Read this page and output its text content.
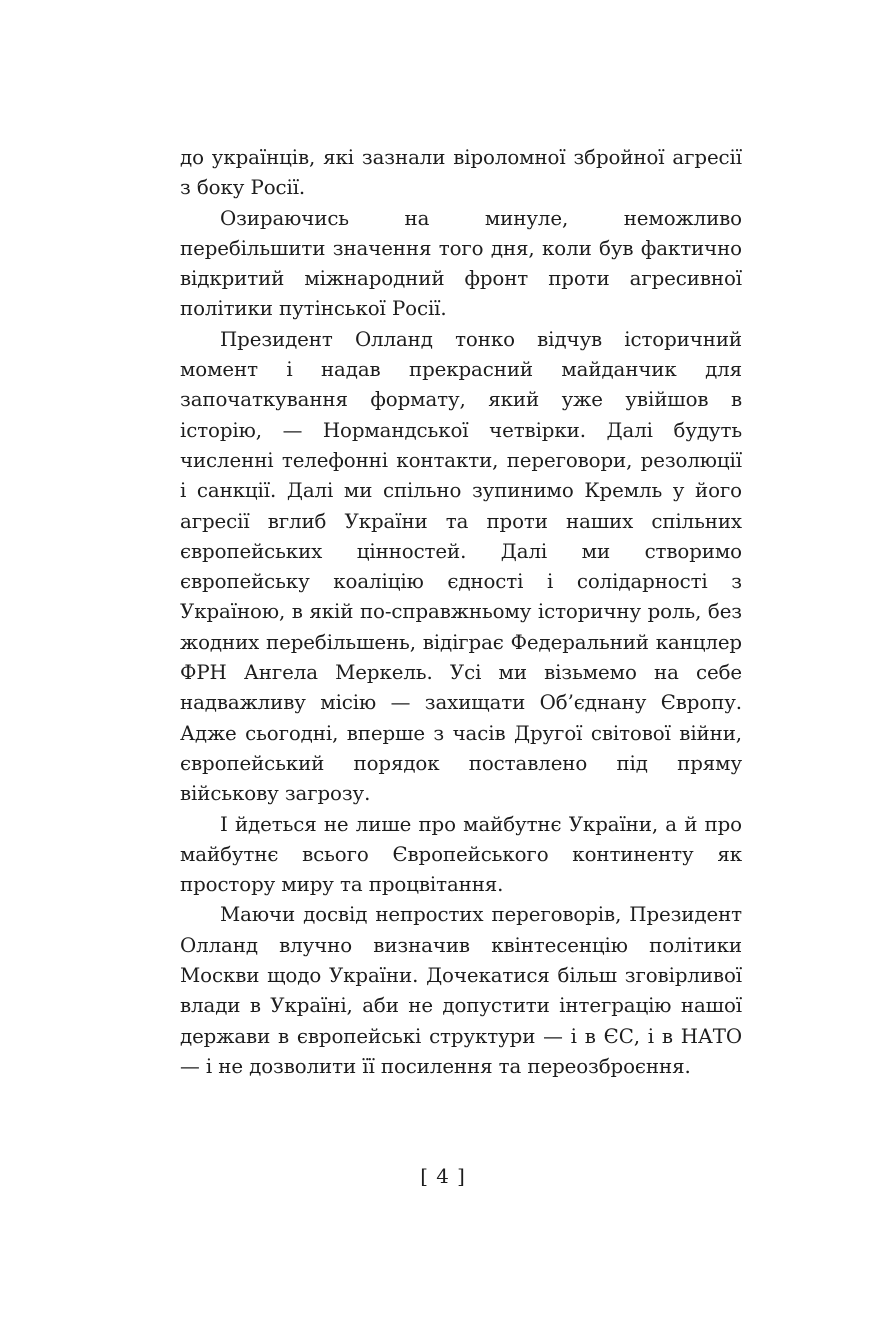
до українців, які зазнали віроломної збройної агресії з боку Росії.

Озираючись на минуле, неможливо перебільшити значення того дня, коли був фактично відкритий міжнародний фронт проти агресивної політики путінської Росії.

Президент Олланд тонко відчув історичний момент і надав прекрасний майданчик для започаткування формату, який уже увійшов в історію, — Нормандської четвірки. Далі будуть численні телефонні контакти, переговори, резолюції і санкції. Далі ми спільно зупинимо Кремль у його агресії вглиб України та проти наших спільних європейських цінностей. Далі ми створимо європейську коаліцію єдності і солідарності з Україною, в якій по-справжньому історичну роль, без жодних перебільшень, відіграє Федеральний канцлер ФРН Ангела Меркель. Усі ми візьмемо на себе надважливу місію — захищати Об’єднану Європу. Адже сьогодні, вперше з часів Другої світової війни, європейський порядок поставлено під пряму військову загрозу.

І йдеться не лише про майбутнє України, а й про майбутнє всього Європейського континенту як простору миру та процвітання.

Маючи досвід непростих переговорів, Президент Олланд влучно визначив квінтесенцію політики Москви щодо України. Дочекатися більш зговірливої влади в Україні, аби не допустити інтеграцію нашої держави в європейські структури — і в ЄС, і в НАТО — і не дозволити її посилення та переозброєння.

[ 4 ]
